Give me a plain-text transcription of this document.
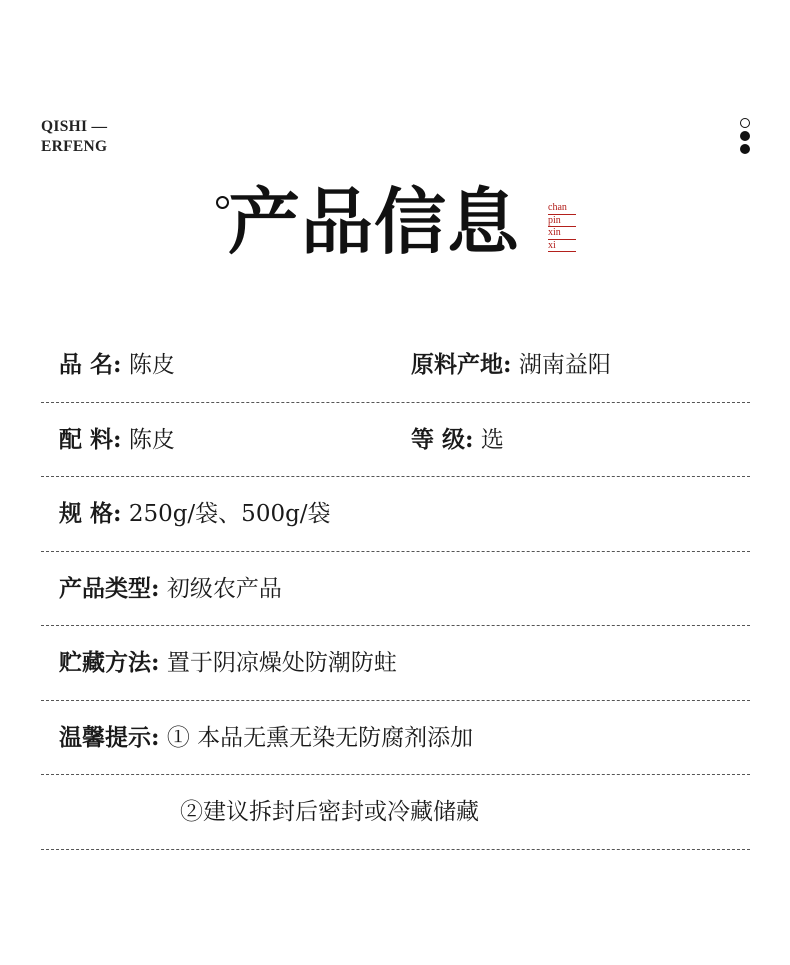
QISHI —
ERFENG
产品信息	chan
pin
xin
xi
品 名: 陈皮	原料产地: 湖南益阳
配 料: 陈皮	等 级: 选
规 格: 250g/袋、500g/袋
产品类型: 初级农产品
贮藏方法: 置于阴凉燥处防潮防蛀
温馨提示: ① 本品无熏无染无防腐剂添加
②建议拆封后密封或冷藏储藏
